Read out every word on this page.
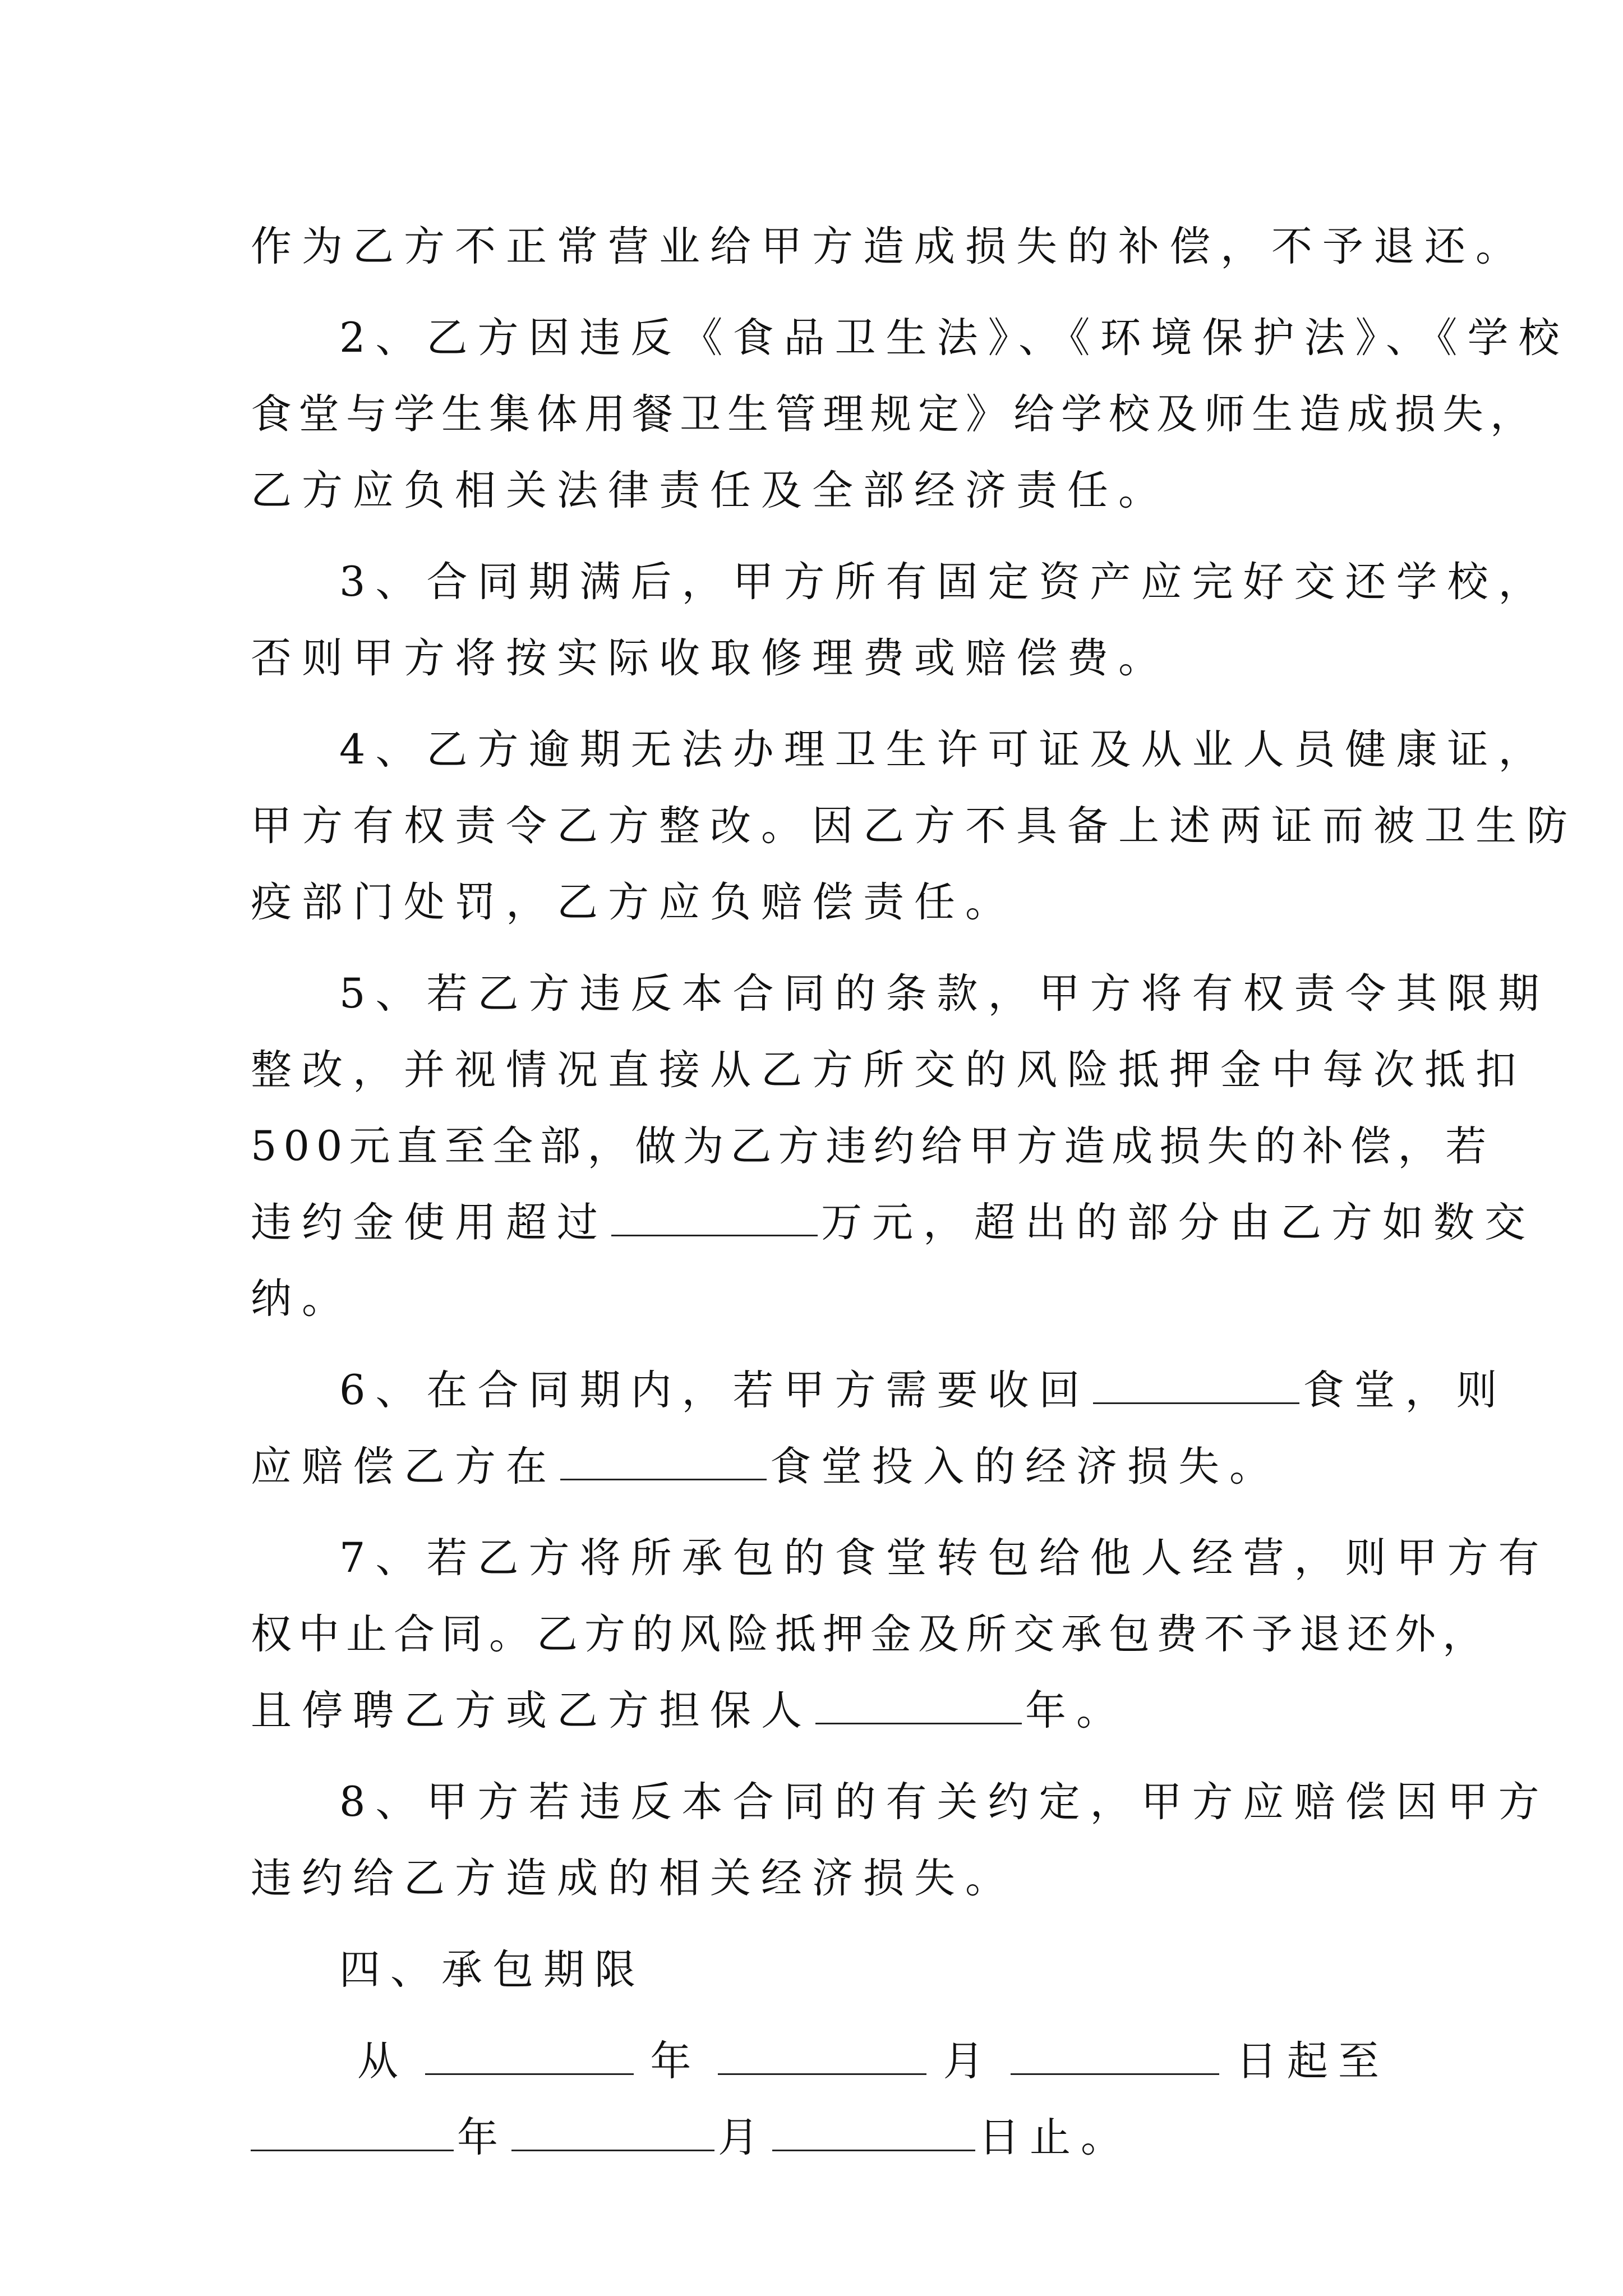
作为乙方不正常营业给甲方造成损失的补偿，不予退还。
2、乙方因违反《食品卫生法》、《环境保护法》、《学校
食堂与学生集体用餐卫生管理规定》给学校及师生造成损失，
乙方应负相关法律责任及全部经济责任。
3、合同期满后，甲方所有固定资产应完好交还学校，
否则甲方将按实际收取修理费或赔偿费。
4、乙方逾期无法办理卫生许可证及从业人员健康证，
甲方有权责令乙方整改。因乙方不具备上述两证而被卫生防
疫部门处罚，乙方应负赔偿责任。
5、若乙方违反本合同的条款，甲方将有权责令其限期
整改，并视情况直接从乙方所交的风险抵押金中每次抵扣
500元直至全部，做为乙方违约给甲方造成损失的补偿，若
违约金使用超过	万元，超出的部分由乙方如数交
纳。
6、在合同期内，若甲方需要收回	食堂，则
应赔偿乙方在	食堂投入的经济损失。
7、若乙方将所承包的食堂转包给他人经营，则甲方有
权中止合同。乙方的风险抵押金及所交承包费不予退还外，
且停聘乙方或乙方担保人	年。
8、甲方若违反本合同的有关约定，甲方应赔偿因甲方
违约给乙方造成的相关经济损失。
四、承包期限
从	年	月	日起至
年	月	日止。
